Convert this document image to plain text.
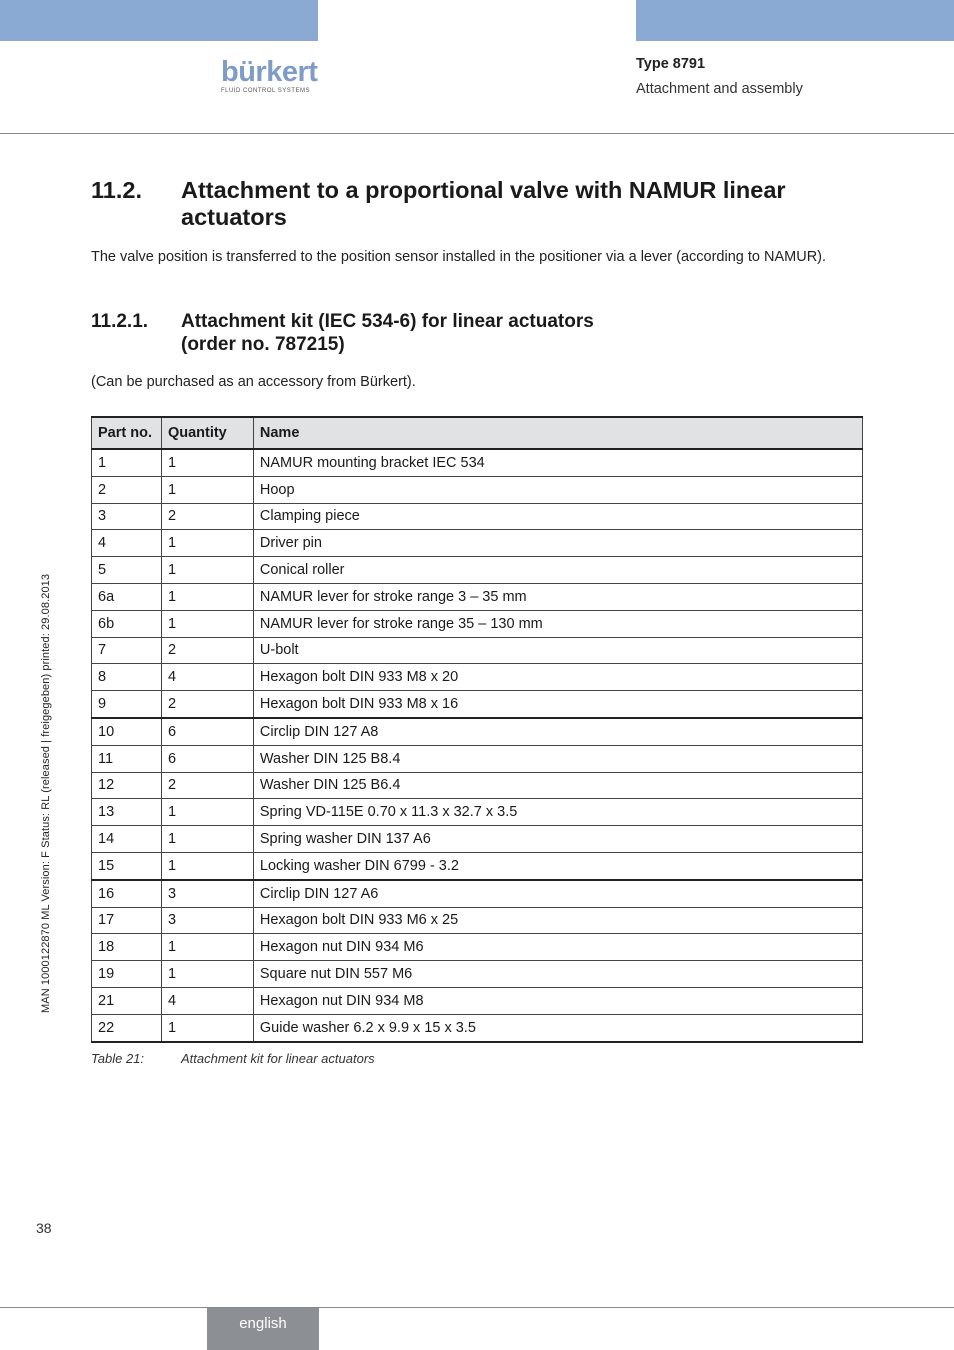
bürkert
FLUID CONTROL SYSTEMS
Type 8791
Attachment and assembly
11.2. Attachment to a proportional valve with NAMUR linear actuators
The valve position is transferred to the position sensor installed in the positioner via a lever (according to NAMUR).
11.2.1. Attachment kit (IEC 534-6) for linear actuators
(order no. 787215)
(Can be purchased as an accessory from Bürkert).
Part no.	Quantity	Name
1	1	NAMUR mounting bracket IEC 534
2	1	Hoop
3	2	Clamping piece
4	1	Driver pin
5	1	Conical roller
6a	1	NAMUR lever for stroke range 3 – 35 mm
6b	1	NAMUR lever for stroke range 35 – 130 mm
7	2	U-bolt
8	4	Hexagon bolt DIN 933 M8 x 20
9	2	Hexagon bolt DIN 933 M8 x 16
10	6	Circlip DIN 127 A8
11	6	Washer DIN 125 B8.4
12	2	Washer DIN 125 B6.4
13	1	Spring VD-115E 0.70 x 11.3 x 32.7 x 3.5
14	1	Spring washer DIN 137 A6
15	1	Locking washer DIN 6799 - 3.2
16	3	Circlip DIN 127 A6
17	3	Hexagon bolt DIN 933 M6 x 25
18	1	Hexagon nut DIN 934 M6
19	1	Square nut DIN 557 M6
21	4	Hexagon nut DIN 934 M8
22	1	Guide washer 6.2 x 9.9 x 15 x 3.5
Table 21:	Attachment kit for linear actuators
MAN 1000122870 ML Version: F Status: RL (released | freigegeben) printed: 29.08.2013
38
english
